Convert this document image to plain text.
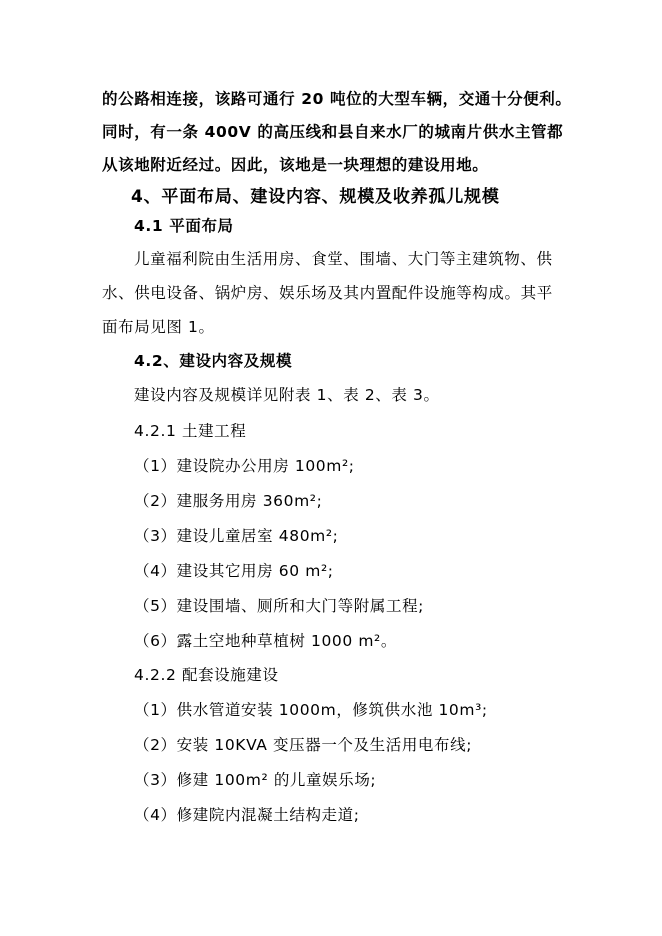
的公路相连接，该路可通行 20 吨位的大型车辆，交通十分便利。
同时，有一条 400V 的高压线和县自来水厂的城南片供水主管都
从该地附近经过。因此，该地是一块理想的建设用地。
4、平面布局、建设内容、规模及收养孤儿规模
4.1 平面布局
儿童福利院由生活用房、食堂、围墙、大门等主建筑物、供
水、供电设备、锅炉房、娱乐场及其内置配件设施等构成。其平
面布局见图 1。
4.2、建设内容及规模
建设内容及规模详见附表 1、表 2、表 3。
4.2.1 土建工程
（1）建设院办公用房 100m²;
（2）建服务用房 360m²;
（3）建设儿童居室 480m²;
（4）建设其它用房 60 m²;
（5）建设围墙、厕所和大门等附属工程;
（6）露土空地种草植树 1000 m²。
4.2.2 配套设施建设
（1）供水管道安装 1000m，修筑供水池 10m³;
（2）安装 10KVA 变压器一个及生活用电布线;
（3）修建 100m² 的儿童娱乐场;
（4）修建院内混凝土结构走道;
